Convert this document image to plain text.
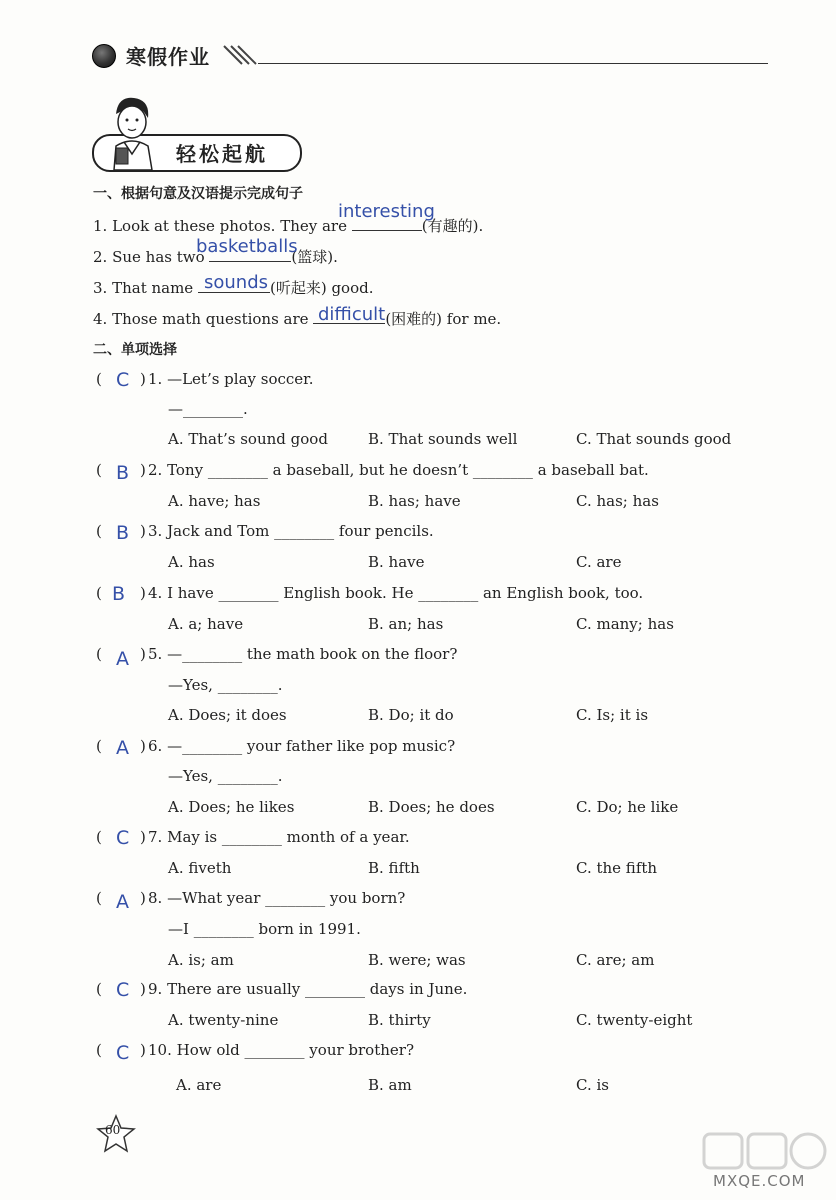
寒假作业
轻松起航
一、根据句意及汉语提示完成句子
1. Look at these photos. They are	(有趣的).
interesting
2. Sue has two	(篮球).
basketballs
3. That name	(听起来) good.
sounds
4. Those math questions are	(困难的) for me.
difficult
二、单项选择
( C ) 1. —Let’s play soccer.
—________.
A. That’s sound good	B. That sounds well	C. That sounds good
( B ) 2. Tony ________ a baseball, but he doesn’t ________ a baseball bat.
A. have; has	B. has; have	C. has; has
( B ) 3. Jack and Tom ________ four pencils.
A. has	B. have	C. are
( B ) 4. I have ________ English book. He ________ an English book, too.
A. a; have	B. an; has	C. many; has
( A ) 5. —________ the math book on the floor?
—Yes, ________.
A. Does; it does	B. Do; it do	C. Is; it is
( A ) 6. —________ your father like pop music?
—Yes, ________.
A. Does; he likes	B. Does; he does	C. Do; he like
( C ) 7. May is ________ month of a year.
A. fiveth	B. fifth	C. the fifth
( A ) 8. —What year ________ you born?
—I ________ born in 1991.
A. is; am	B. were; was	C. are; am
( C ) 9. There are usually ________ days in June.
A. twenty-nine	B. thirty	C. twenty-eight
( C ) 10. How old ________ your brother?
A. are	B. am	C. is
60
MXQE.COM
